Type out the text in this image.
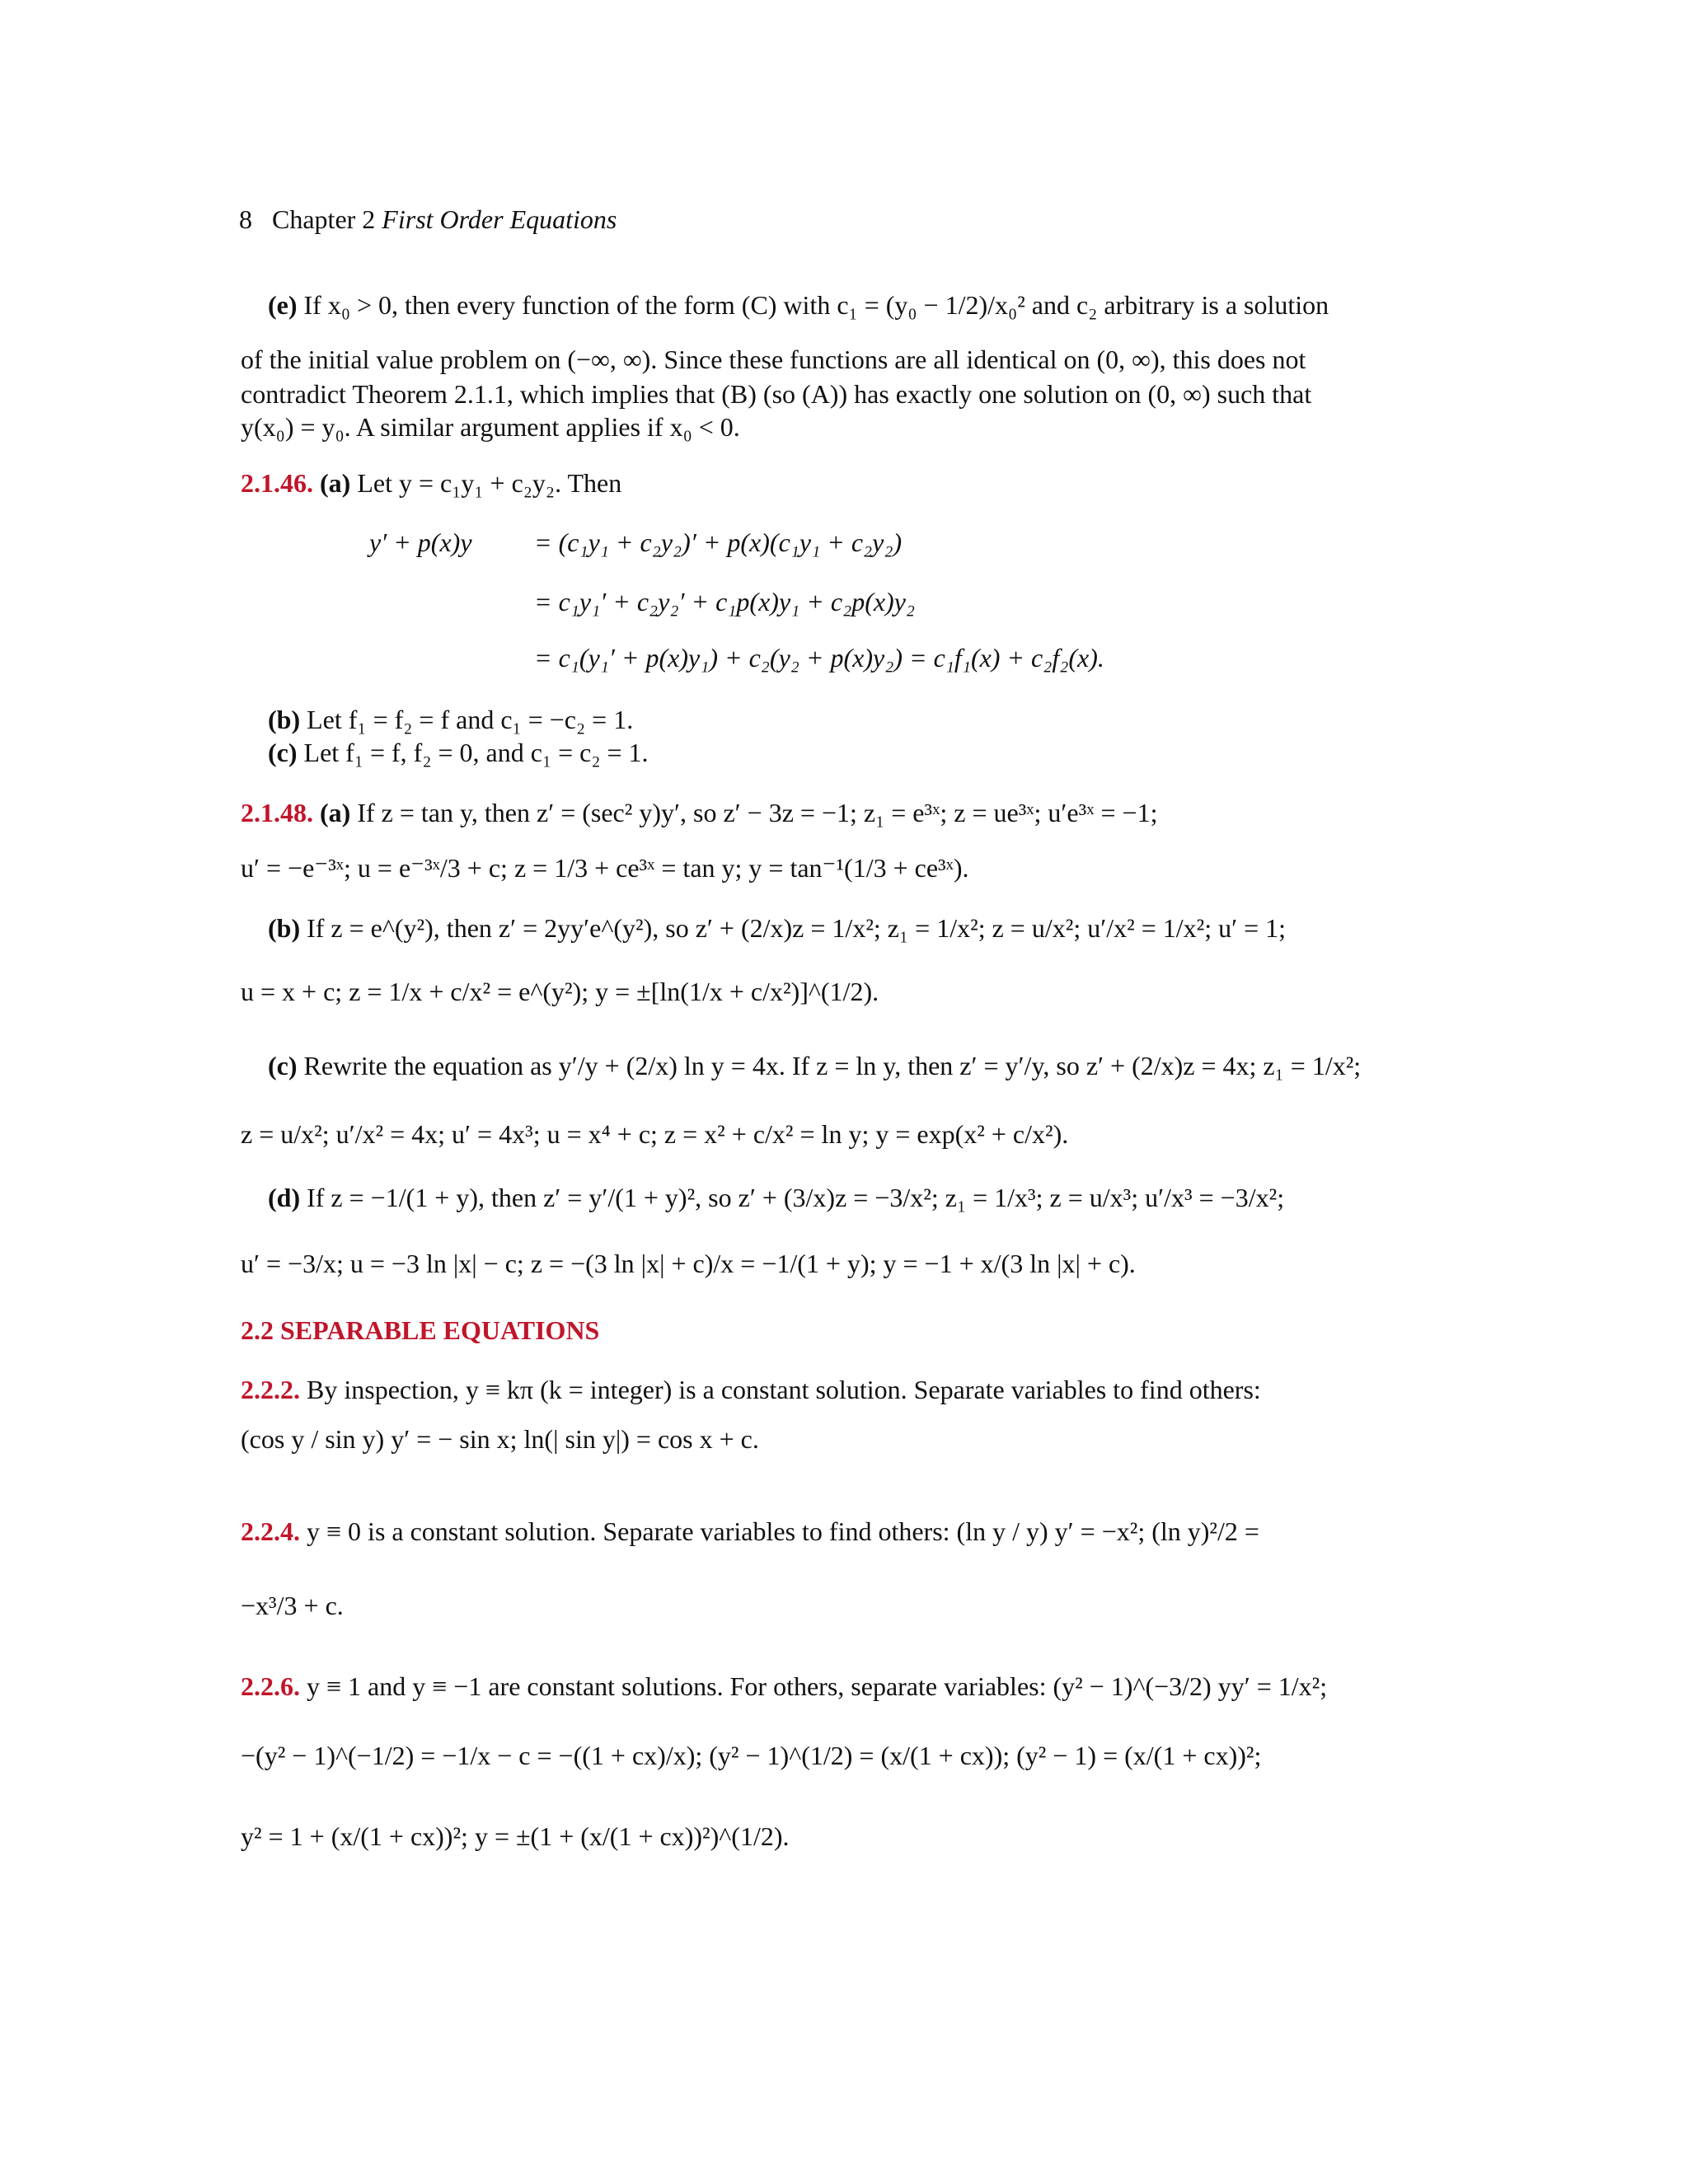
8 Chapter 2 First Order Equations
(e) If x₀ > 0, then every function of the form (C) with c₁ = (y₀ − 1/2)/x₀² and c₂ arbitrary is a solution
of the initial value problem on (−∞, ∞). Since these functions are all identical on (0, ∞), this does not
contradict Theorem 2.1.1, which implies that (B) (so (A)) has exactly one solution on (0, ∞) such that
y(x₀) = y₀. A similar argument applies if x₀ < 0.
2.1.46. (a) Let y = c₁y₁ + c₂y₂. Then
y′ + p(x)y = (c₁y₁ + c₂y₂)′ + p(x)(c₁y₁ + c₂y₂)
= c₁y₁′ + c₂y₂′ + c₁p(x)y₁ + c₂p(x)y₂
= c₁(y₁′ + p(x)y₁) + c₂(y₂ + p(x)y₂) = c₁f₁(x) + c₂f₂(x).
(b) Let f₁ = f₂ = f and c₁ = −c₂ = 1.
(c) Let f₁ = f, f₂ = 0, and c₁ = c₂ = 1.
2.1.48. (a) If z = tan y, then z′ = (sec² y)y′, so z′ − 3z = −1; z₁ = e³ˣ; z = ue³ˣ; u′e³ˣ = −1;
u′ = −e⁻³ˣ; u = e⁻³ˣ/3 + c; z = 1/3 + ce³ˣ = tan y; y = tan⁻¹(1/3 + ce³ˣ).
(b) If z = e^(y²), then z′ = 2yy′e^(y²), so z′ + (2/x)z = 1/x²; z₁ = 1/x²; z = u/x²; u′/x² = 1/x²; u′ = 1;
u = x + c; z = 1/x + c/x² = e^(y²); y = ±[ln(1/x + c/x²)]^(1/2).
(c) Rewrite the equation as y′/y + (2/x) ln y = 4x. If z = ln y, then z′ = y′/y, so z′ + (2/x)z = 4x; z₁ = 1/x²;
z = u/x²; u′/x² = 4x; u′ = 4x³; u = x⁴ + c; z = x² + c/x² = ln y; y = exp(x² + c/x²).
(d) If z = −1/(1 + y), then z′ = y′/(1 + y)², so z′ + (3/x)z = −3/x²; z₁ = 1/x³; z = u/x³; u′/x³ = −3/x²;
u′ = −3/x; u = −3 ln |x| − c; z = −(3 ln |x| + c)/x = −1/(1 + y); y = −1 + x/(3 ln |x| + c).
2.2 SEPARABLE EQUATIONS
2.2.2. By inspection, y ≡ kπ (k = integer) is a constant solution. Separate variables to find others:
(cos y / sin y) y′ = − sin x; ln(| sin y|) = cos x + c.
2.2.4. y ≡ 0 is a constant solution. Separate variables to find others: (ln y / y) y′ = −x²; (ln y)²/2 =
−x³/3 + c.
2.2.6. y ≡ 1 and y ≡ −1 are constant solutions. For others, separate variables: (y² − 1)^(−3/2) yy′ = 1/x²;
−(y² − 1)^(−1/2) = −1/x − c = −((1 + cx)/x); (y² − 1)^(1/2) = (x/(1 + cx)); (y² − 1) = (x/(1 + cx))²;
y² = 1 + (x/(1 + cx))²; y = ±(1 + (x/(1 + cx))²)^(1/2).
